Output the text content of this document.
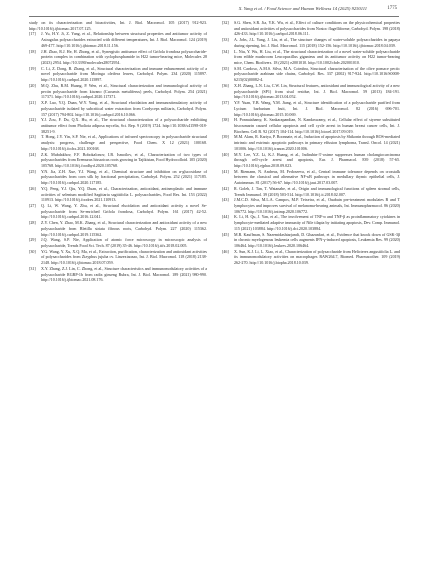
X. Yang et al. / Food Science and Human Wellness 14 (2025) 9250111	1775

study on its characterization and bioactivities, Int. J. Biol. Macromol. 105 (2017) 912-923. http://10.1016/j.ijbiomac.2017.07.125.

[17] J. Yu, H.Y. Ji, Z. Yang, et al., Relationship between structural properties and antitumor activity of Astragalus polysaccharides extracted with different temperatures, Int. J. Biol. Macromol. 124 (2019) 469-477. http://10.1016/j.ijbiomac.2018.11.156.

[18] J.H. Zhao, R.J. He, H. Zhong, et al., Synergistic antitumor effect of Grifola frondosa polysaccharide-protein complex in combination with cyclophosphamide in H22 tumor-bearing mice, Molecules 28 (2023) 2954. http://10.3390/molecules28072954.

[19] C. Li, Z. Dong, B. Zhang, et al., Structural characterization and immune enhancement activity of a novel polysaccharide from Moringa oleifera leaves, Carbohyd. Polym. 234 (2020) 115897. http://10.1016/j.carbpol.2020.115897.

[20] M.Q. Zhu, R.M. Huang, P. Wen, et al., Structural characterization and immunological activity of pectin polysaccharide from kiwano (Cucumis metuliferus) peels, Carbohyd. Polym. 254 (2021) 117371. http://10.1016/j.carbpol.2020.117371.

[21] X.P. Luo, Y.Q. Duan, W.Y. Yang, et al., Structural elucidation and immunostimulatory activity of polysaccharide isolated by subcritical water extraction from Cordyceps militaris, Carbohyd. Polym. 157 (2017) 794-802. http://10.1016/j.carbpol.2016.10.066.

[22] Y.J. Zou, F. Du, Q.X. Hu, et al., The structural characterization of a polysaccharide exhibiting antitumor effect from Pholiota adiposa mycelia, Sci. Rep. 9 (2019) 1724. http://10.1038/s41598-018-38251-9.

[23] T. Hong, J.Y. Yin, S.P. Nie, et al., Applications of infrared spectroscopy in polysaccharide structural analysis: progress, challenge and perspective, Food Chem. X 12 (2021) 100168. http://10.1016/j.fochx.2021.100168.

[24] Z.K. Mubdakhov, F.F. Bobokalonov, I.B. Ismoilov, et al., Characterization of two types of polysaccharides from Eremurus hissaricus roots growing in Tajikistan, Food Hydrocolloid. 105 (2020) 105768. http://10.1016/j.foodhyd.2020.105768.

[25] Y.N. Jia, Z.H. Xue, Y.J. Wang, et al., Chemical structure and inhibition on α-glucosidase of polysaccharides from corn silk by fractional precipitation, Carbohyd. Polym. 252 (2021) 117185. http://10.1016/j.carbpol.2020.117185.

[26] Y.Q. Peng, Y.J. Qiu, Y.Q. Duan, et al., Characterization, antioxidant, antineoplastic and immune activities of selenium modified Sagittaria sagittifolia L. polysaccharides, Food Res. Int. 153 (2022) 110913. http://10.1016/j.foodres.2021.110913.

[27] Q. Li, W. Wang, Y. Zhu, et al., Structural elucidation and antioxidant activity a novel Se-polysaccharide from Se-enriched Grifola frondosa, Carbohyd. Polym. 161 (2017) 42-52. http://10.1016/j.carbpol.2016.12.041.

[28] Z.Y. Chen, Y. Zhao, M.K. Zhang, et al., Structural characterization and antioxidant activity of a new polysaccharide from Bletilla striata fibrous roots, Carbohyd. Polym. 227 (2020) 115362. http://10.1016/j.carbpol.2019.115362.

[29] J.Q. Wang, S.P. Nie, Application of atomic force microscopy in microscopic analysis of polysaccharide, Trends Food Sci. Tech. 87 (2019) 35-46. http://10.1016/j.tifs.2018.02.005.

[30] Y.G. Wang, Y. Xu, X.Q. Ma, et al., Extraction, purification, characterization and antioxidant activities of polysaccharides from Zizyphus jujuba cv. Linzexiaozao, Int. J. Biol. Macromol. 118 (2018) 2138-2148. http://10.1016/j.ijbiomac.2018.07.059.

[31] X.Y. Zhang, Z.J. Lin, C. Zhong, et al., Structure characteristics and immunomodulatory activities of a polysaccharide RGRP-1b from radix ginseng Rubra, Int. J. Biol. Macromol. 189 (2021) 980-990. http://10.1016/j.ijbiomac.2021.08.176.

[32] S.G. Shen, S.R. Jia, Y.K. Wu, et al., Effect of culture conditions on the physicochemical properties and antioxidant activities of polysaccharides from Nostoc flagelliforme, Carbohyd. Polym. 198 (2018) 426-433. http://10.1016/j.carbpol.2018.06.111.

[33] A. Jobs, J.L. Yang, J. Liu, et al., The structure changes of water-soluble polysaccharides in papaya during ripening, Int. J. Biol. Macromol. 115 (2018) 152-156. http://10.1016/j.ijbiomac.2018.04.039.

[34] L. Niu, Y. Wu, H. Liu, et al., The structural characterization of a novel water-soluble polysaccharide from edible mushroom Leucopaxillus giganteus and its antitumor activity on H22 tumor-bearing mice, Chem. Biodivers. 18 (2021) e2001010. http://10.1002/cbdv.202001010.

[35] S.M. Cardoso, A.M.S. Silva, M.A. Coimbra, Structural characterisation of the olive pomace pectic polysaccharide arabinan side chains, Carbohyd. Res. 337 (2002) 917-924. http://10.1016/S0008-6215(02)00082-4.

[36] X.H. Zhang, L.N. Liu, C.W. Lin, Structural features, antioxidant and immunological activity of a new polysaccharide (SP1) from sisal residue, Int. J. Biol. Macromol. 59 (2013) 184-191. http://10.1016/j.ijbiomac.2013.04.052.

[37] Y.F. Yuan, Y.B. Wang, Y.M. Jiang, et al., Structure identification of a polysaccharide purified from Lycium barbarium fruit, Int. J. Biol. Macromol. 82 (2016) 696-701. http://10.1016/j.ijbiomac.2015.10.069.

[38] H. Ponnaiahamy, K. Sankarapandian, N. Kandaswamy, et al., Cellular effect of styrene substituted biscoumarin caused cellular apoptosis and cell cycle arrest in human breast cancer cells, Int. J. Biochem. Cell B. 92 (2017) 104-114. http://10.1016/j.biocel.2017.09.019.

[39] M.M. Alam, R. Kariya, P. Boonnate, et al., Induction of apoptosis by Shikonin through ROS-mediated intrinsic and extrinsic apoptotic pathways in primary effusion lymphoma, Transl. Oncol. 14 (2021) 101006. http://10.1016/j.tranon.2020.101006.

[40] M.Y. Lee, Y.Z. Li, K.J. Huang, et al., Indirubin-3′-oxime suppresses human cholangiocarcinoma through cell-cycle arrest and apoptosis, Eur. J. Pharmacol. 839 (2018) 57-65. http://10.1016/j.ejphar.2018.09.023.

[41] M. Riemann, N. Andreas, M. Fedoseeva, et al., Central immune tolerance depends on crosstalk between the classical and alternative NF-κB pathways in medullary thymic epithelial cells, J. Autoimmun. 81 (2017) 56-67. http://10.1016/j.jaut.2017.03.007.

[42] R. Goleb, J. Tan, T. Watanabe, et al., Origin and immunological functions of spleen stromal cells, Trends Immunol. 39 (2018) 503-514. http://10.1016/j.it.2018.02.007.

[43] J.M.C.D. Silva, M.L.A. Campos, M.P. Teixeira, et al., Ouabain pre-treatment modulates B and T lymphocytes and improves survival of melanoma-bearing animals, Int. Immunopharmacol. 86 (2020) 106772. http://10.1016/j.intimp.2020.106772.

[44] K. Li, H. Qu, J. Yan, et al., The involvement of TNF-α and TNF-β as proinflammatory cytokines in lymphocyte-mediated adaptive immunity of Nile tilapia by initiating apoptosis, Dev. Comp. Immunol. 115 (2021) 103884. http://10.1016/j.dci.2020.103884.

[45] M.R. Kauffman, S. Nazemidashtarjandi, D. Ghazanfari, et al., Evidence that knock down of GSK-3β in chronic myelogenous leukemia cells augments IFN-γ-induced apoptosis, Leukemia Res. 99 (2020) 106464. http://10.1016/j.leukres.2020.106464.

[46] X. Sun, K.J. Li, L. Xiao, et al., Characterization of polysaccharide from Helicteres angustifolia L. and its immunomodulatory activities on macrophages RAW264.7, Biomed. Pharmacother. 109 (2019) 262-270. http://10.1016/j.biopha.2018.10.039.
